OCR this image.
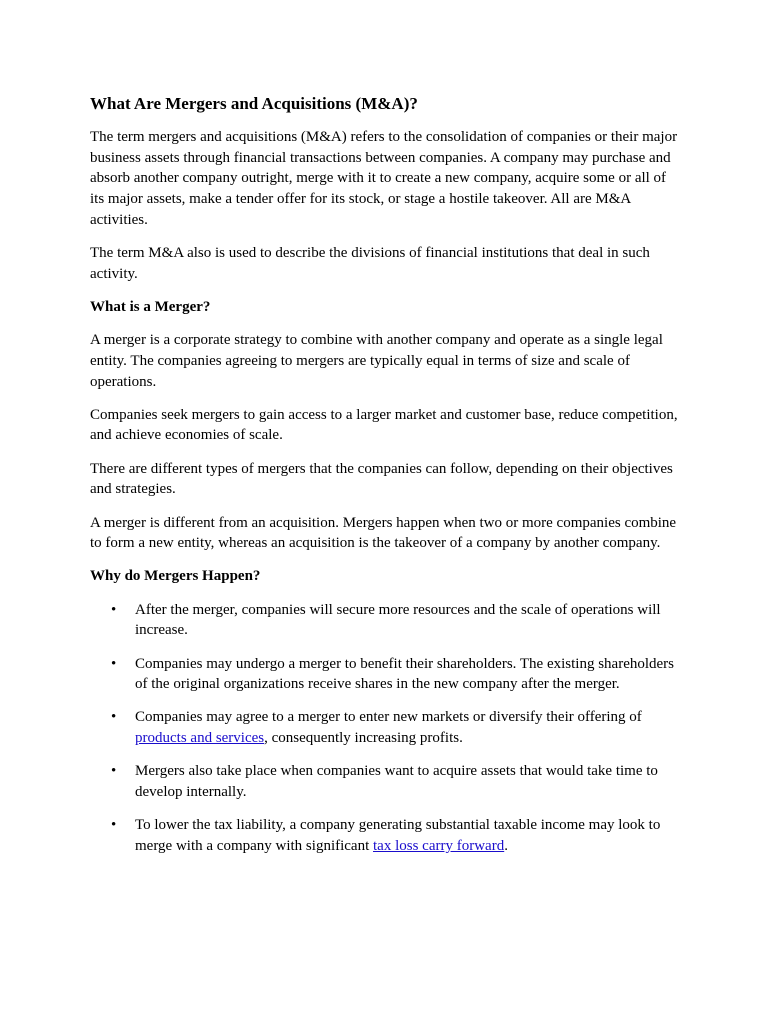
What Are Mergers and Acquisitions (M&A)?

The term mergers and acquisitions (M&A) refers to the consolidation of companies or their major business assets through financial transactions between companies. A company may purchase and absorb another company outright, merge with it to create a new company, acquire some or all of its major assets, make a tender offer for its stock, or stage a hostile takeover. All are M&A activities.

The term M&A also is used to describe the divisions of financial institutions that deal in such activity.

What is a Merger?

A merger is a corporate strategy to combine with another company and operate as a single legal entity. The companies agreeing to mergers are typically equal in terms of size and scale of operations.

Companies seek mergers to gain access to a larger market and customer base, reduce competition, and achieve economies of scale.

There are different types of mergers that the companies can follow, depending on their objectives and strategies.

A merger is different from an acquisition. Mergers happen when two or more companies combine to form a new entity, whereas an acquisition is the takeover of a company by another company.

Why do Mergers Happen?

• After the merger, companies will secure more resources and the scale of operations will increase.
• Companies may undergo a merger to benefit their shareholders. The existing shareholders of the original organizations receive shares in the new company after the merger.
• Companies may agree to a merger to enter new markets or diversify their offering of products and services, consequently increasing profits.
• Mergers also take place when companies want to acquire assets that would take time to develop internally.
• To lower the tax liability, a company generating substantial taxable income may look to merge with a company with significant tax loss carry forward.
